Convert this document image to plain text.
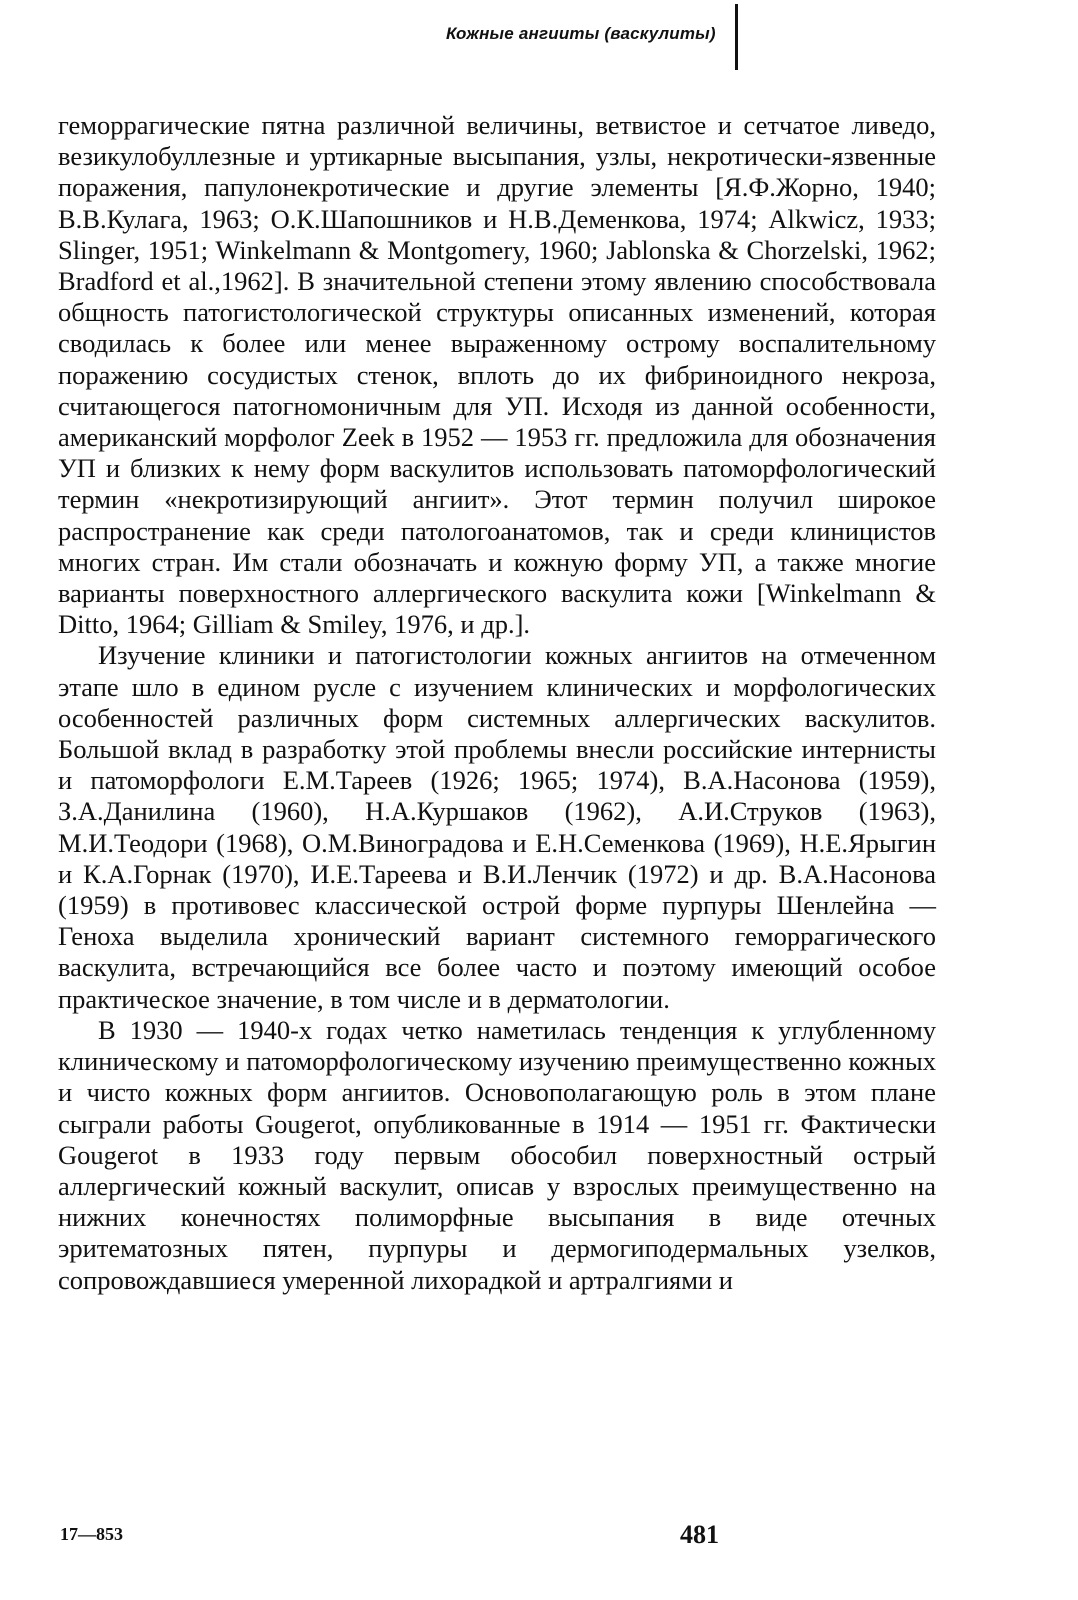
Кожные ангииты (васкулиты)

геморрагические пятна различной величины, ветвистое и сетчатое ливедо, везикулобуллезные и уртикарные высыпания, узлы, некротически-язвенные поражения, папулонекротические и другие элементы [Я.Ф.Жорно, 1940; В.В.Кулага, 1963; О.К.Шапошников и Н.В.Деменкова, 1974; Alkwicz, 1933; Slinger, 1951; Winkelmann & Montgomery, 1960; Jablonska & Chorzelski, 1962; Bradford et al.,1962]. В значительной степени этому явлению способствовала общность патогистологической структуры описанных изменений, которая сводилась к более или менее выраженному острому воспалительному поражению сосудистых стенок, вплоть до их фибриноидного некроза, считающегося патогномоничным для УП. Исходя из данной особенности, американский морфолог Zeek в 1952 — 1953 гг. предложила для обозначения УП и близких к нему форм васкулитов использовать патоморфологический термин «некротизирующий ангиит». Этот термин получил широкое распространение как среди патологоанатомов, так и среди клиницистов многих стран. Им стали обозначать и кожную форму УП, а также многие варианты поверхностного аллергического васкулита кожи [Winkelmann & Ditto, 1964; Gilliam & Smiley, 1976, и др.].

Изучение клиники и патогистологии кожных ангиитов на отмеченном этапе шло в едином русле с изучением клинических и морфологических особенностей различных форм системных аллергических васкулитов. Большой вклад в разработку этой проблемы внесли российские интернисты и патоморфологи Е.М.Тареев (1926; 1965; 1974), В.А.Насонова (1959), З.А.Данилина (1960), Н.А.Куршаков (1962), А.И.Струков (1963), М.И.Теодори (1968), О.М.Виноградова и Е.Н.Семенкова (1969), Н.Е.Ярыгин и К.А.Горнак (1970), И.Е.Тареева и В.И.Ленчик (1972) и др. В.А.Насонова (1959) в противовес классической острой форме пурпуры Шенлейна — Геноха выделила хронический вариант системного геморрагического васкулита, встречающийся все более часто и поэтому имеющий особое практическое значение, в том числе и в дерматологии.

В 1930 — 1940-х годах четко наметилась тенденция к углубленному клиническому и патоморфологическому изучению преимущественно кожных и чисто кожных форм ангиитов. Основополагающую роль в этом плане сыграли работы Gougerot, опубликованные в 1914 — 1951 гг. Фактически Gougerot в 1933 году первым обособил поверхностный острый аллергический кожный васкулит, описав у взрослых преимущественно на нижних конечностях полиморфные высыпания в виде отечных эритематозных пятен, пурпуры и дермогиподермальных узелков, сопровождавшиеся умеренной лихорадкой и артралгиями и

17—853	481
